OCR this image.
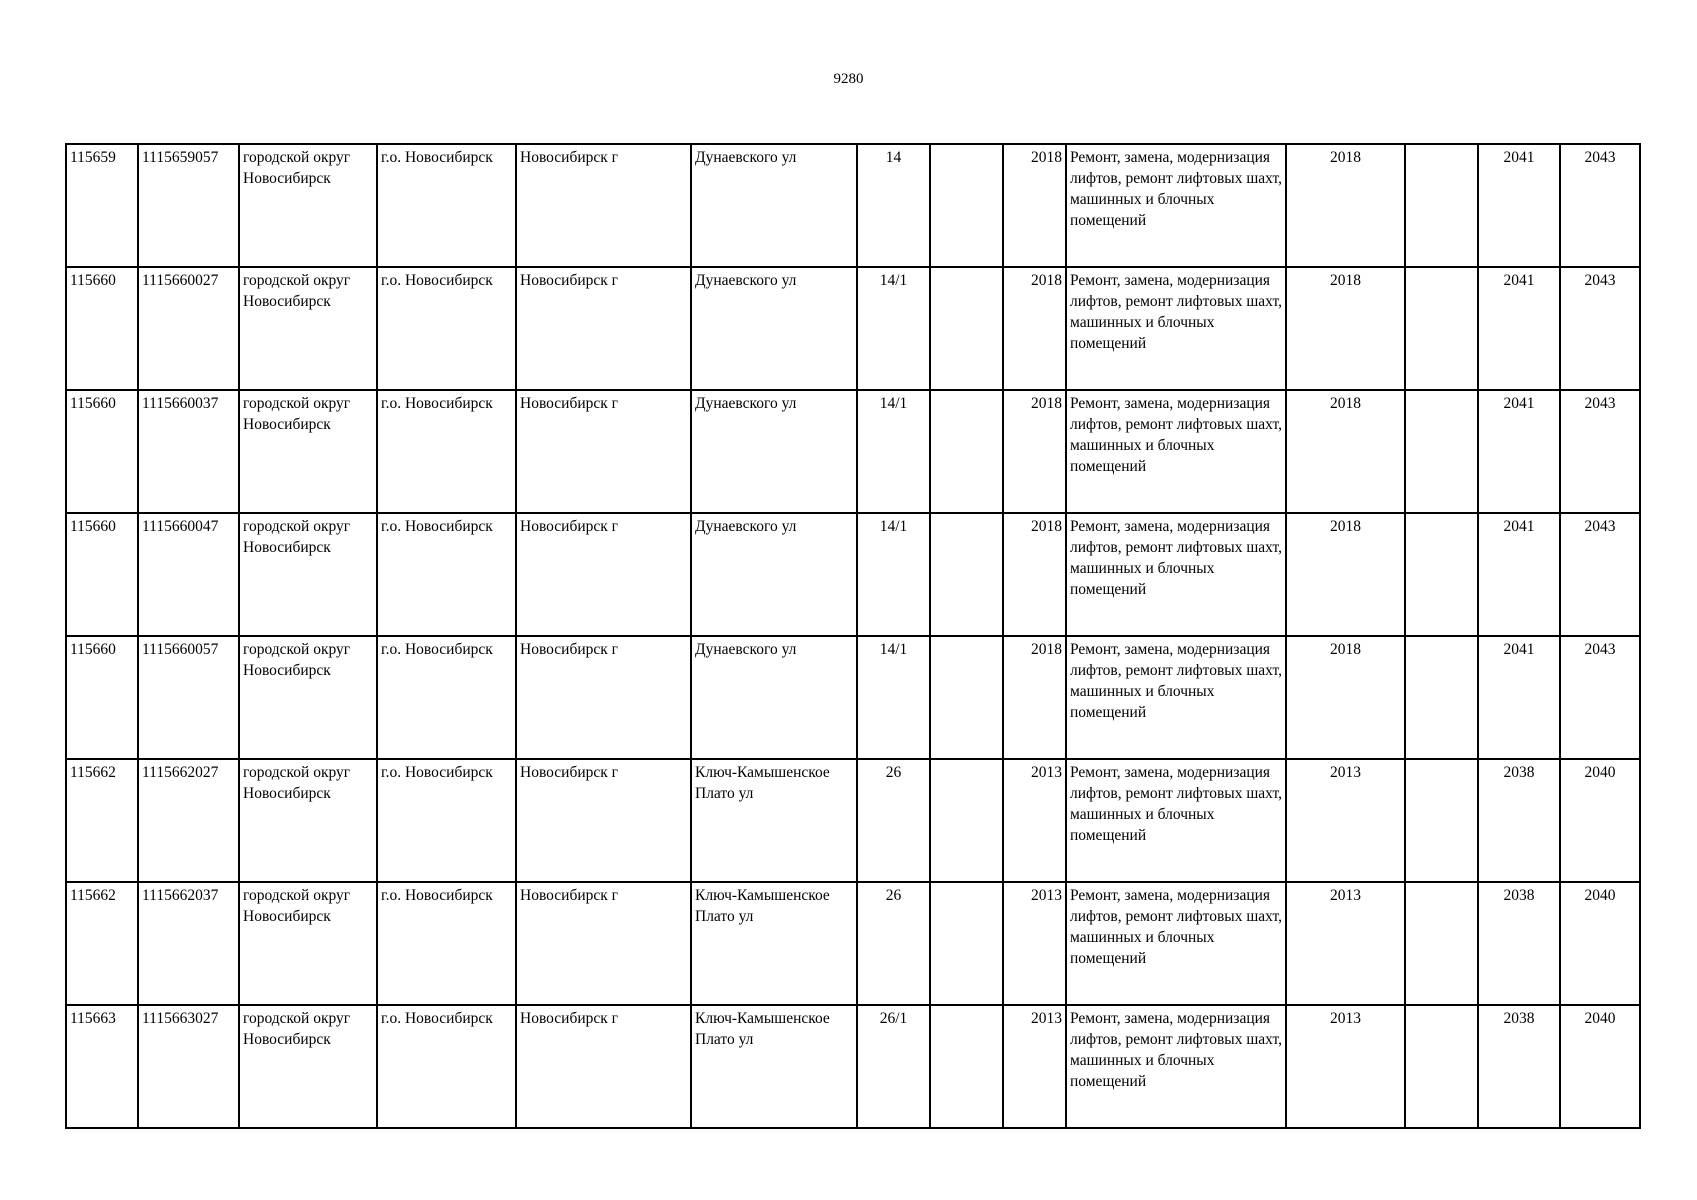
9280
115659	1115659057	городской округ Новосибирск	г.о. Новосибирск	Новосибирск г	Дунаевского ул	14		2018	Ремонт, замена, модернизация лифтов, ремонт лифтовых шахт, машинных и блочных помещений	2018		2041	2043
115660	1115660027	городской округ Новосибирск	г.о. Новосибирск	Новосибирск г	Дунаевского ул	14/1		2018	Ремонт, замена, модернизация лифтов, ремонт лифтовых шахт, машинных и блочных помещений	2018		2041	2043
115660	1115660037	городской округ Новосибирск	г.о. Новосибирск	Новосибирск г	Дунаевского ул	14/1		2018	Ремонт, замена, модернизация лифтов, ремонт лифтовых шахт, машинных и блочных помещений	2018		2041	2043
115660	1115660047	городской округ Новосибирск	г.о. Новосибирск	Новосибирск г	Дунаевского ул	14/1		2018	Ремонт, замена, модернизация лифтов, ремонт лифтовых шахт, машинных и блочных помещений	2018		2041	2043
115660	1115660057	городской округ Новосибирск	г.о. Новосибирск	Новосибирск г	Дунаевского ул	14/1		2018	Ремонт, замена, модернизация лифтов, ремонт лифтовых шахт, машинных и блочных помещений	2018		2041	2043
115662	1115662027	городской округ Новосибирск	г.о. Новосибирск	Новосибирск г	Ключ-Камышенское Плато ул	26		2013	Ремонт, замена, модернизация лифтов, ремонт лифтовых шахт, машинных и блочных помещений	2013		2038	2040
115662	1115662037	городской округ Новосибирск	г.о. Новосибирск	Новосибирск г	Ключ-Камышенское Плато ул	26		2013	Ремонт, замена, модернизация лифтов, ремонт лифтовых шахт, машинных и блочных помещений	2013		2038	2040
115663	1115663027	городской округ Новосибирск	г.о. Новосибирск	Новосибирск г	Ключ-Камышенское Плато ул	26/1		2013	Ремонт, замена, модернизация лифтов, ремонт лифтовых шахт, машинных и блочных помещений	2013		2038	2040
